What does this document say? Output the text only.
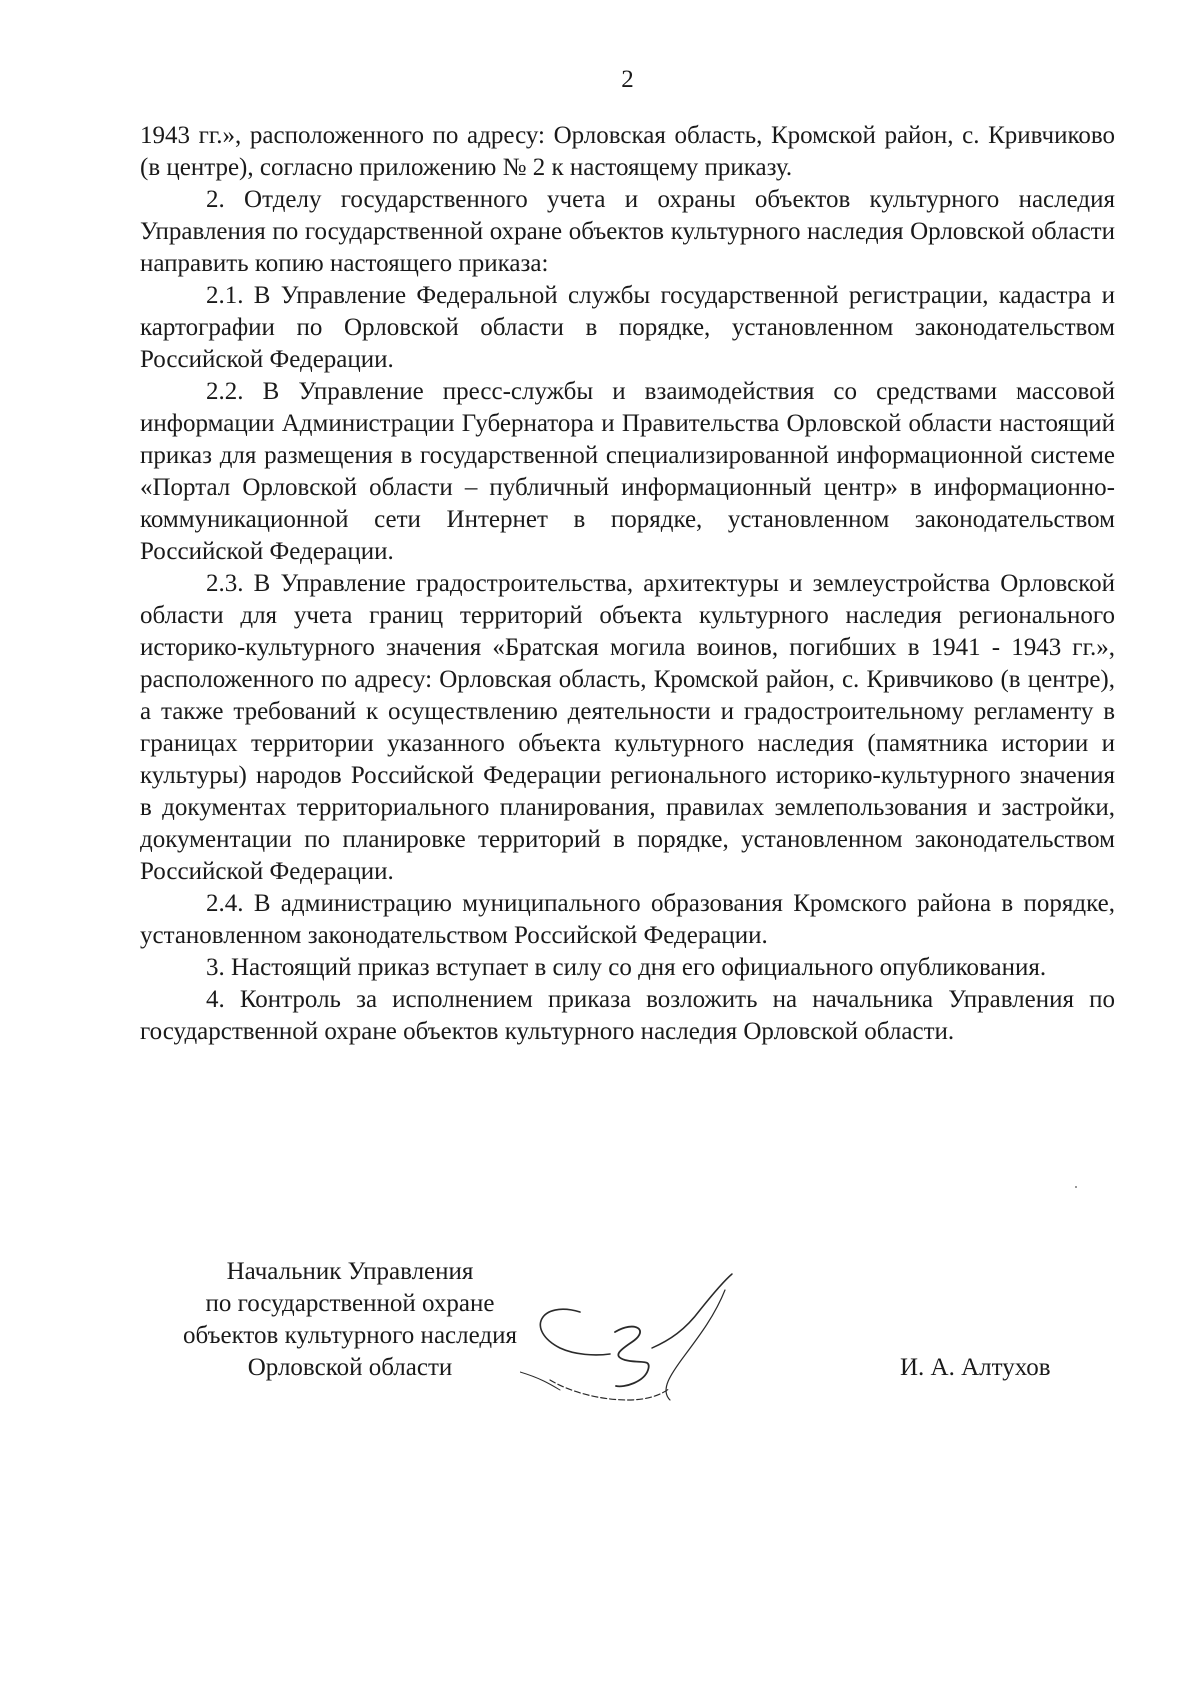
2

1943 гг.», расположенного по адресу: Орловская область, Кромской район, с. Кривчиково (в центре), согласно приложению № 2 к настоящему приказу.

2. Отделу государственного учета и охраны объектов культурного наследия Управления по государственной охране объектов культурного наследия Орловской области направить копию настоящего приказа:

2.1. В Управление Федеральной службы государственной регистрации, кадастра и картографии по Орловской области в порядке, установленном законодательством Российской Федерации.

2.2. В Управление пресс-службы и взаимодействия со средствами массовой информации Администрации Губернатора и Правительства Орловской области настоящий приказ для размещения в государственной специализированной информационной системе «Портал Орловской области – публичный информационный центр» в информационно-коммуникационной сети Интернет в порядке, установленном законодательством Российской Федерации.

2.3. В Управление градостроительства, архитектуры и землеустройства Орловской области для учета границ территорий объекта культурного наследия регионального историко-культурного значения «Братская могила воинов, погибших в 1941 - 1943 гг.», расположенного по адресу: Орловская область, Кромской район, с. Кривчиково (в центре), а также требований к осуществлению деятельности и градостроительному регламенту в границах территории указанного объекта культурного наследия (памятника истории и культуры) народов Российской Федерации регионального историко-культурного значения в документах территориального планирования, правилах землепользования и застройки, документации по планировке территорий в порядке, установленном законодательством Российской Федерации.

2.4. В администрацию муниципального образования Кромского района в порядке, установленном законодательством Российской Федерации.

3. Настоящий приказ вступает в силу со дня его официального опубликования.

4. Контроль за исполнением приказа возложить на начальника Управления по государственной охране объектов культурного наследия Орловской области.

Начальник Управления
по государственной охране
объектов культурного наследия
Орловской области	И. А. Алтухов
